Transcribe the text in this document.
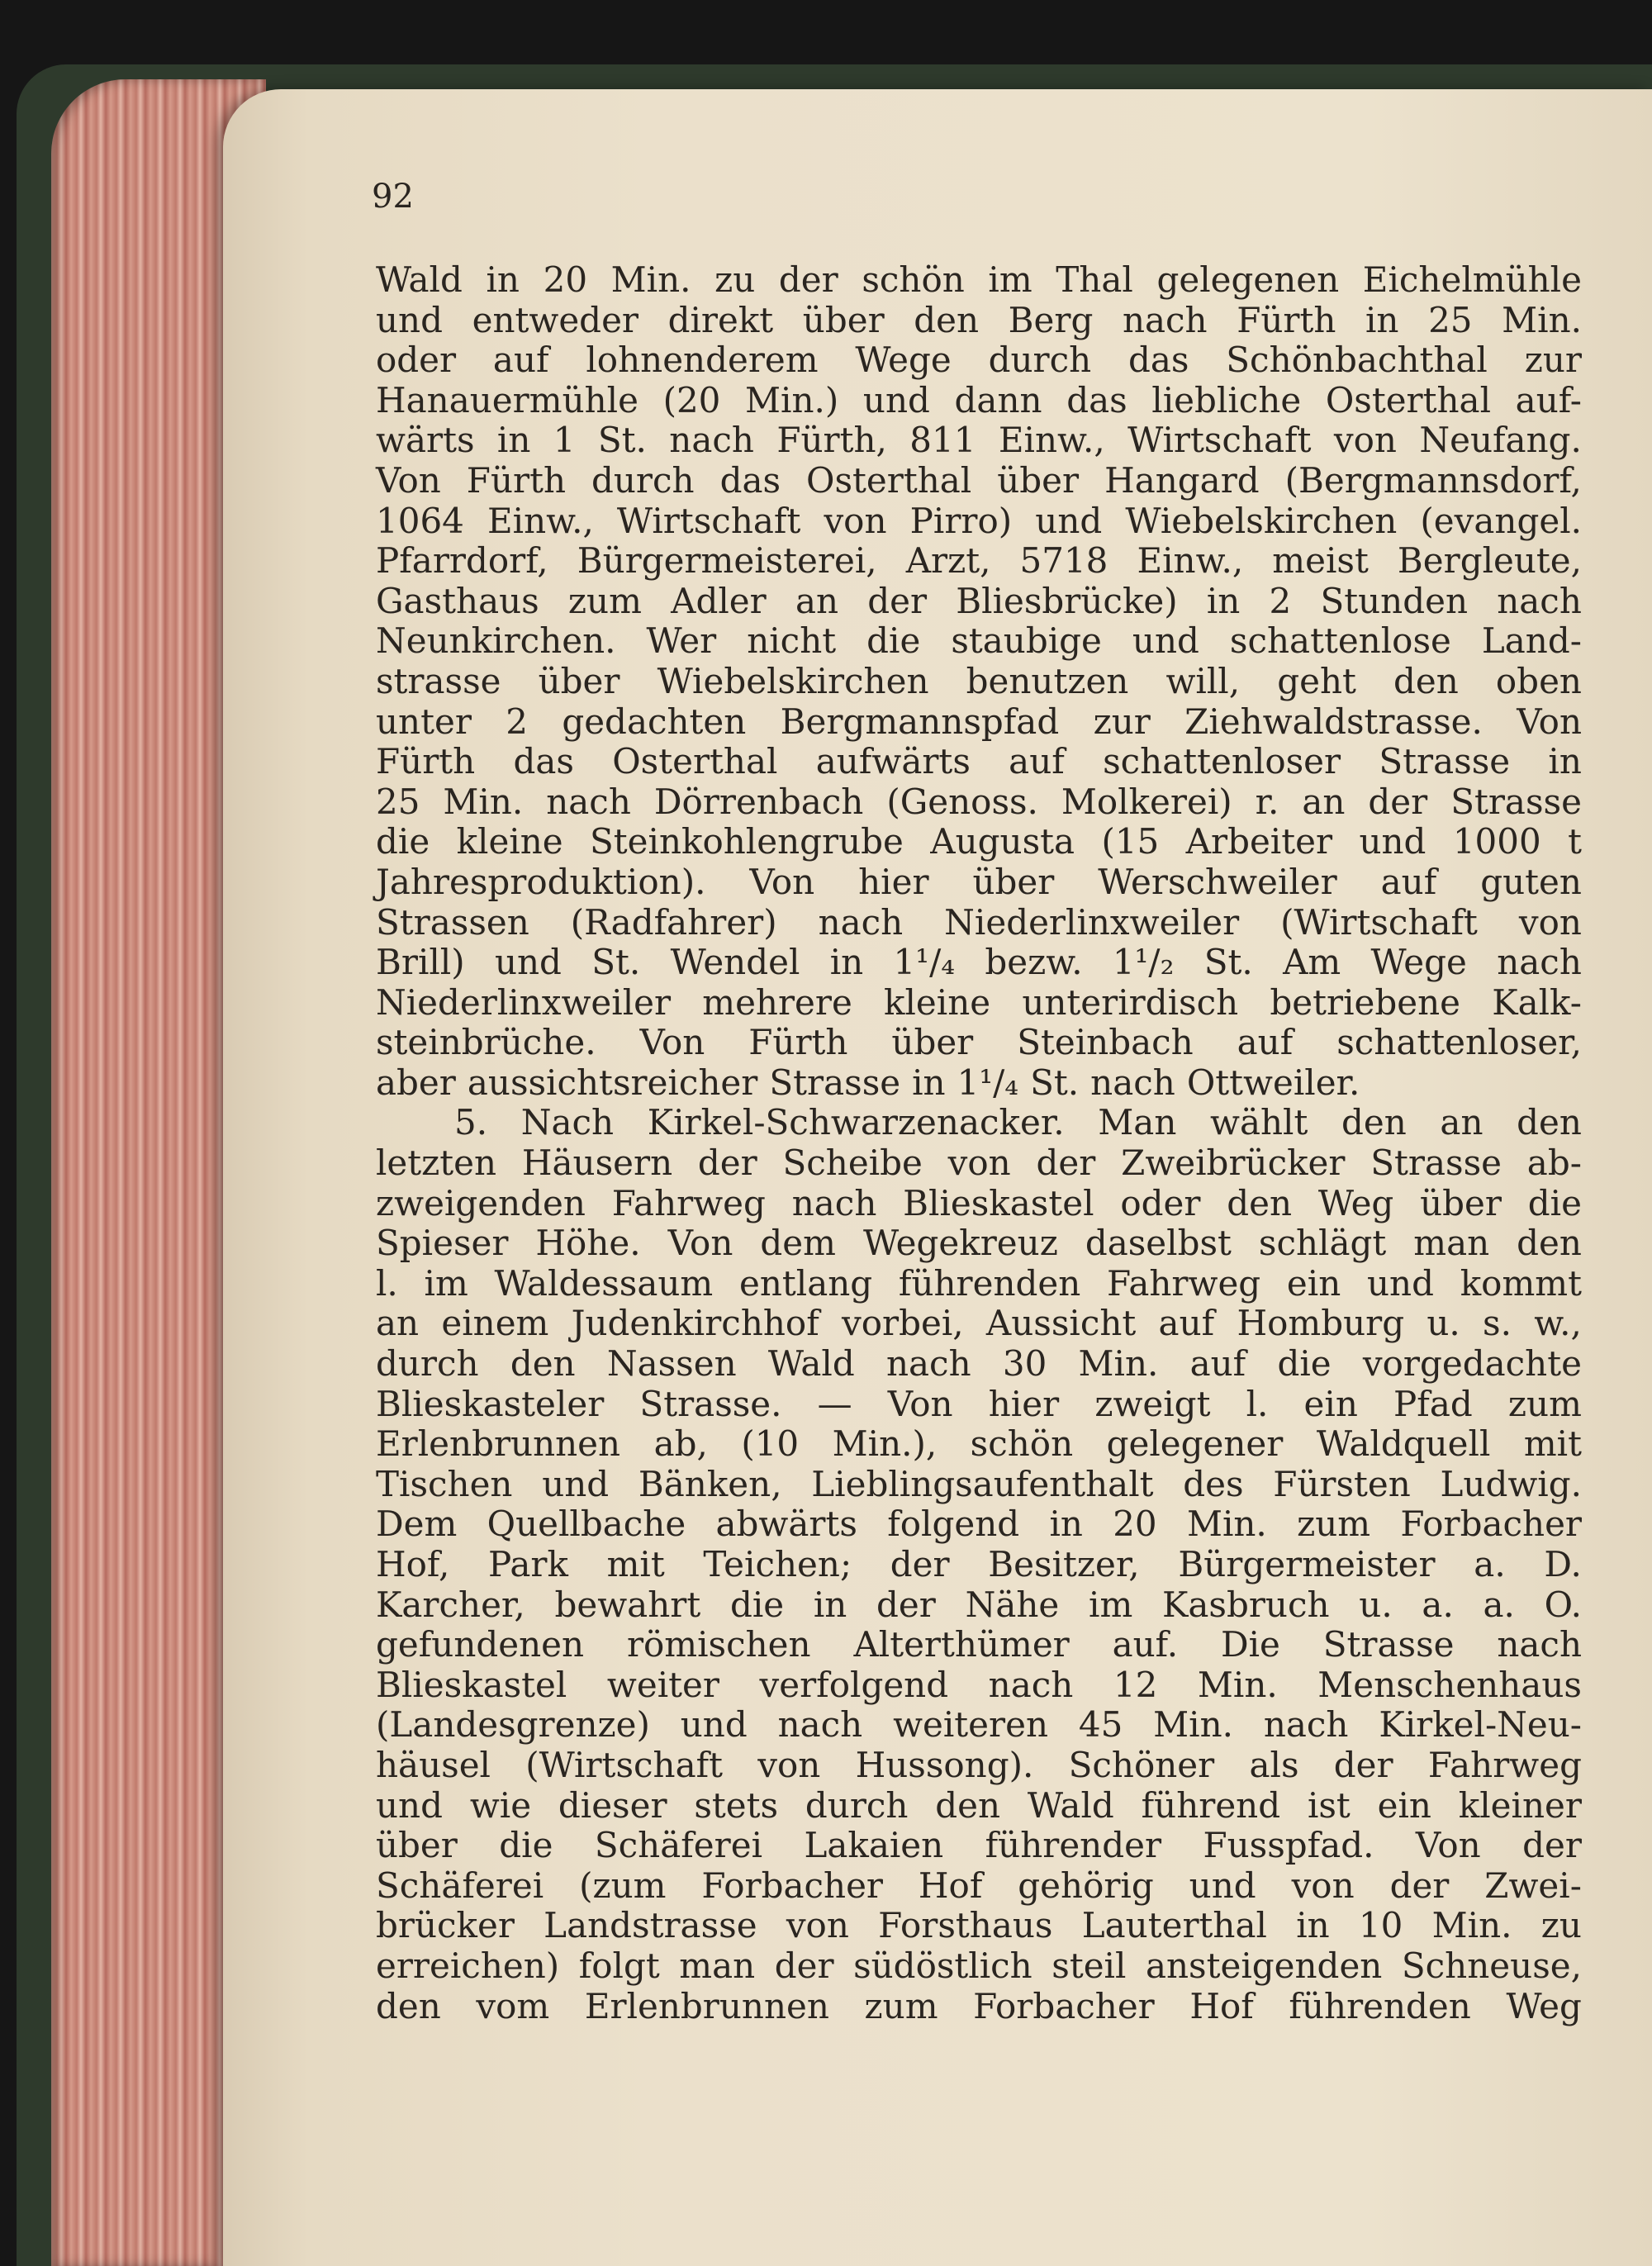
92
Wald in 20 Min. zu der schön im Thal gelegenen Eichelmühle
und entweder direkt über den Berg nach Fürth in 25 Min.
oder auf lohnenderem Wege durch das Schönbachthal zur
Hanauermühle (20 Min.) und dann das liebliche Osterthal auf-
wärts in 1 St. nach Fürth, 811 Einw., Wirtschaft von Neufang.
Von Fürth durch das Osterthal über Hangard (Bergmannsdorf,
1064 Einw., Wirtschaft von Pirro) und Wiebelskirchen (evangel.
Pfarrdorf, Bürgermeisterei, Arzt, 5718 Einw., meist Bergleute,
Gasthaus zum Adler an der Bliesbrücke) in 2 Stunden nach
Neunkirchen. Wer nicht die staubige und schattenlose Land-
strasse über Wiebelskirchen benutzen will, geht den oben
unter 2 gedachten Bergmannspfad zur Ziehwaldstrasse. Von
Fürth das Osterthal aufwärts auf schattenloser Strasse in
25 Min. nach Dörrenbach (Genoss. Molkerei) r. an der Strasse
die kleine Steinkohlengrube Augusta (15 Arbeiter und 1000 t
Jahresproduktion). Von hier über Werschweiler auf guten
Strassen (Radfahrer) nach Niederlinxweiler (Wirtschaft von
Brill) und St. Wendel in 1¹/₄ bezw. 1¹/₂ St. Am Wege nach
Niederlinxweiler mehrere kleine unterirdisch betriebene Kalk-
steinbrüche. Von Fürth über Steinbach auf schattenloser,
aber aussichtsreicher Strasse in 1¹/₄ St. nach Ottweiler.
5. Nach Kirkel-Schwarzenacker. Man wählt den an den
letzten Häusern der Scheibe von der Zweibrücker Strasse ab-
zweigenden Fahrweg nach Blieskastel oder den Weg über die
Spieser Höhe. Von dem Wegekreuz daselbst schlägt man den
l. im Waldessaum entlang führenden Fahrweg ein und kommt
an einem Judenkirchhof vorbei, Aussicht auf Homburg u. s. w.,
durch den Nassen Wald nach 30 Min. auf die vorgedachte
Blieskasteler Strasse. — Von hier zweigt l. ein Pfad zum
Erlenbrunnen ab, (10 Min.), schön gelegener Waldquell mit
Tischen und Bänken, Lieblingsaufenthalt des Fürsten Ludwig.
Dem Quellbache abwärts folgend in 20 Min. zum Forbacher
Hof, Park mit Teichen; der Besitzer, Bürgermeister a. D.
Karcher, bewahrt die in der Nähe im Kasbruch u. a. a. O.
gefundenen römischen Alterthümer auf. Die Strasse nach
Blieskastel weiter verfolgend nach 12 Min. Menschenhaus
(Landesgrenze) und nach weiteren 45 Min. nach Kirkel-Neu-
häusel (Wirtschaft von Hussong). Schöner als der Fahrweg
und wie dieser stets durch den Wald führend ist ein kleiner
über die Schäferei Lakaien führender Fusspfad. Von der
Schäferei (zum Forbacher Hof gehörig und von der Zwei-
brücker Landstrasse von Forsthaus Lauterthal in 10 Min. zu
erreichen) folgt man der südöstlich steil ansteigenden Schneuse,
den vom Erlenbrunnen zum Forbacher Hof führenden Weg
